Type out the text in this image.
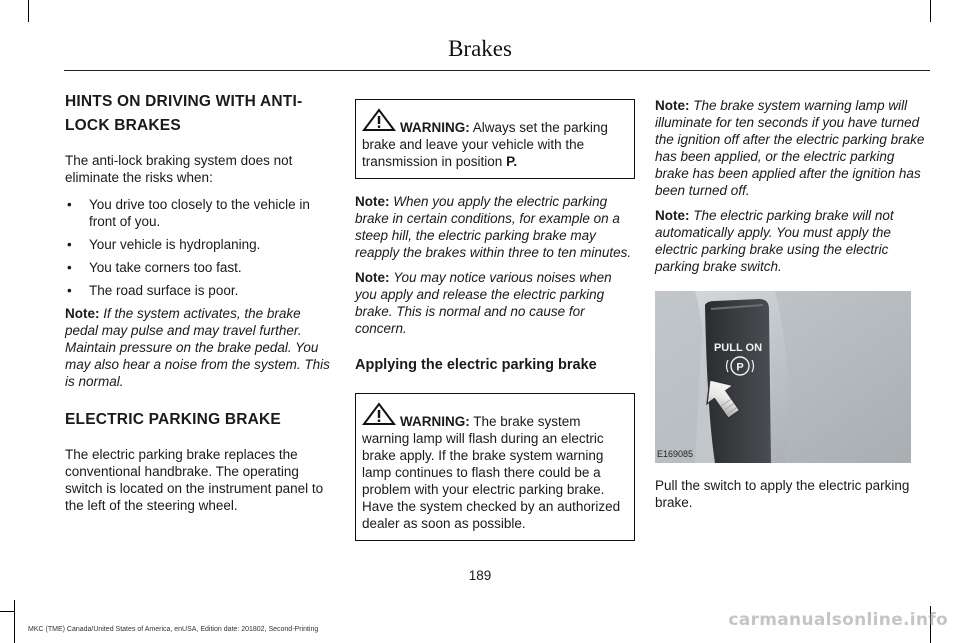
Brakes
HINTS ON DRIVING WITH ANTI-
LOCK BRAKES

The anti-lock braking system does not eliminate the risks when:

• You drive too closely to the vehicle in front of you.
• Your vehicle is hydroplaning.
• You take corners too fast.
• The road surface is poor.

Note: If the system activates, the brake pedal may pulse and may travel further. Maintain pressure on the brake pedal. You may also hear a noise from the system. This is normal.

ELECTRIC PARKING BRAKE

The electric parking brake replaces the conventional handbrake. The operating switch is located on the instrument panel to the left of the steering wheel.

WARNING: Always set the parking brake and leave your vehicle with the transmission in position P.

Note: When you apply the electric parking brake in certain conditions, for example on a steep hill, the electric parking brake may reapply the brakes within three to ten minutes.

Note: You may notice various noises when you apply and release the electric parking brake. This is normal and no cause for concern.

Applying the electric parking brake
WARNING: The brake system warning lamp will flash during an electric brake apply. If the brake system warning lamp continues to flash there could be a problem with your electric parking brake. Have the system checked by an authorized dealer as soon as possible.

Note: The brake system warning lamp will illuminate for ten seconds if you have turned the ignition off after the electric parking brake has been applied, or the electric parking brake has been applied after the ignition has been turned off.

Note: The electric parking brake will not automatically apply. You must apply the electric parking brake using the electric parking brake switch.

PULL ON
P
E169085

Pull the switch to apply the electric parking brake.

189
MKC (TME) Canada/United States of America, enUSA, Edition date: 201802, Second-Printing	carmanualsonline.info
